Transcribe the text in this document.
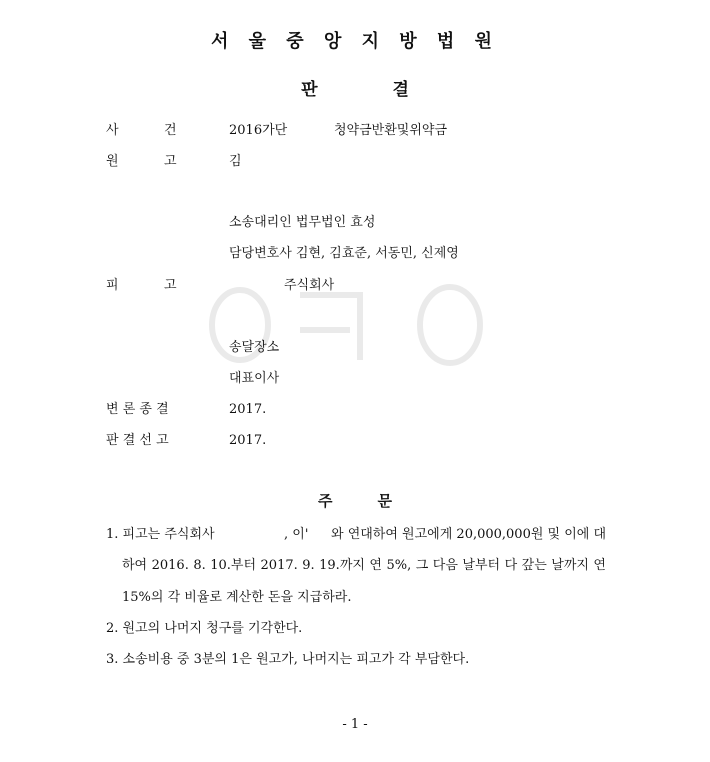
서 울 중 앙 지 방 법 원
판	결
사	건	2016가단	청약금반환및위약금
원	고	김
소송대리인 법무법인 효성
담당변호사 김현, 김효준, 서동민, 신제영
피	고	주식회사
송달장소
대표이사
변 론 종 결	2017.
판 결 선 고	2017.
주	문
1. 피고는 주식회사	, 이' 와 연대하여 원고에게 20,000,000원 및 이에 대
하여 2016. 8. 10.부터 2017. 9. 19.까지 연 5%, 그 다음 날부터 다 갚는 날까지 연
15%의 각 비율로 계산한 돈을 지급하라.
2. 원고의 나머지 청구를 기각한다.
3. 소송비용 중 3분의 1은 원고가, 나머지는 피고가 각 부담한다.
- 1 -
